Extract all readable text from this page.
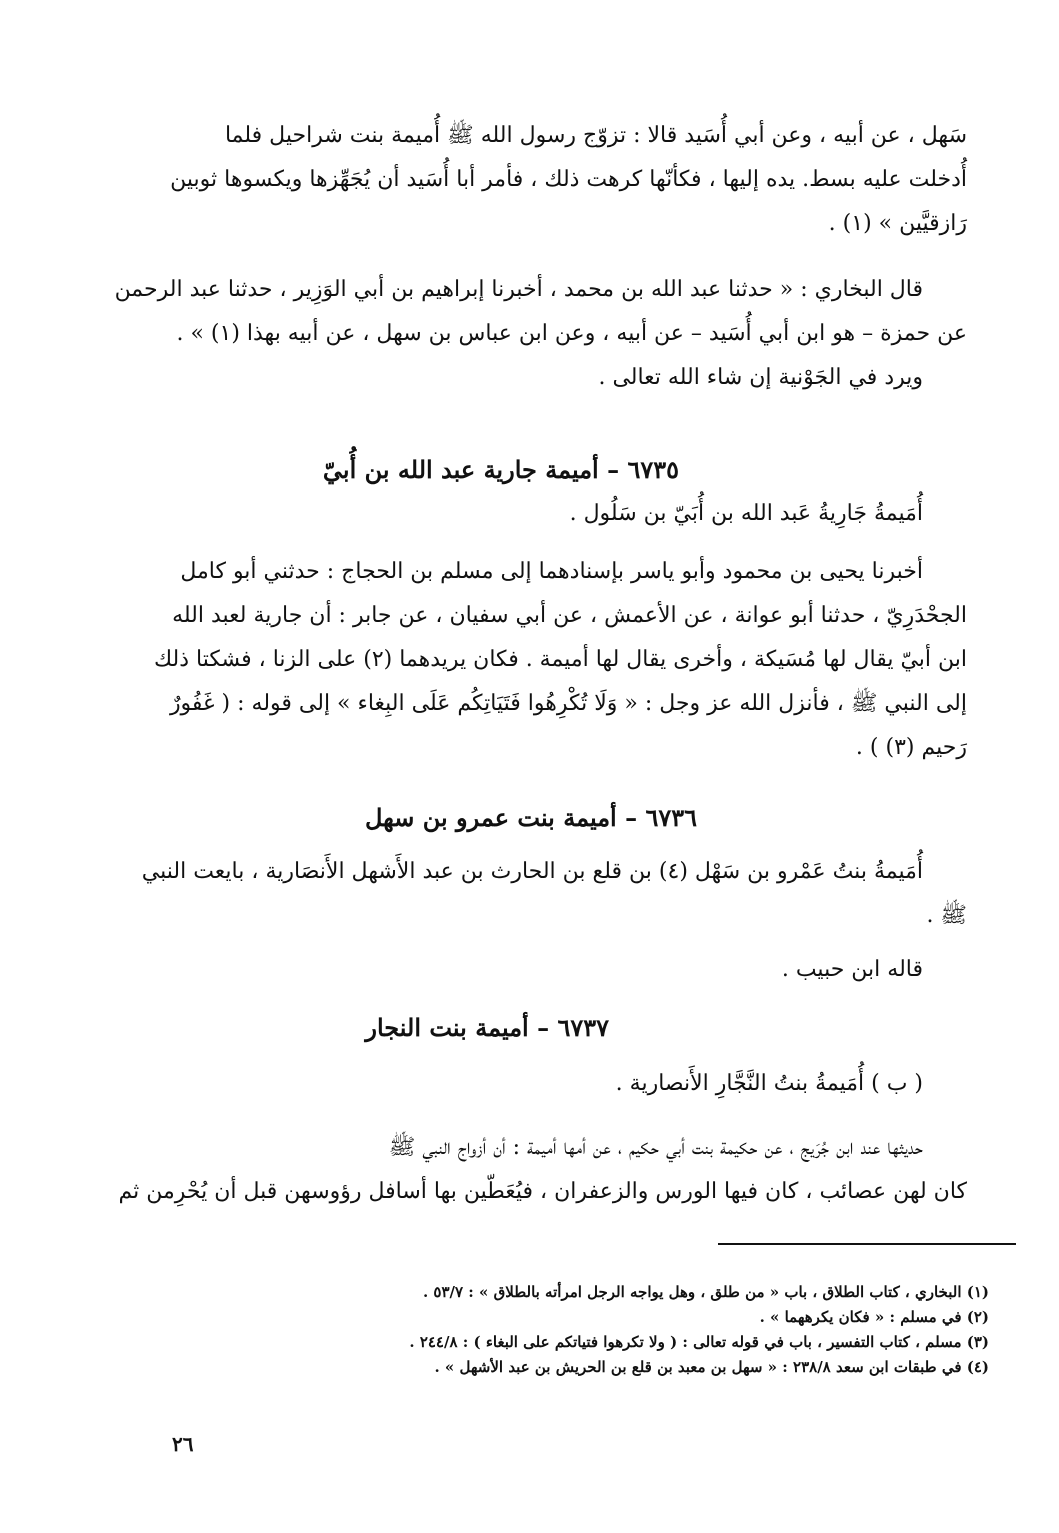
سَهل ، عن أبيه ، وعن أبي أُسَيد قالا : تزوّج رسول الله ﷺ أُميمة بنت شراحيل فلما
أُدخلت عليه بسط. يده إليها ، فكأنّها كرهت ذلك ، فأمر أبا أُسَيد أن يُجَهِّزها ويكسوها ثوبين
رَازقيَّين » (١) .
قال البخاري : « حدثنا عبد الله بن محمد ، أخبرنا إبراهيم بن أبي الوَزِير ، حدثنا عبد الرحمن
عن حمزة – هو ابن أبي أُسَيد – عن أبيه ، وعن ابن عباس بن سهل ، عن أبيه بهذا (١) » .
ويرد في الجَوْنية إن شاء الله تعالى .
٦٧٣٥ – أميمة جارية عبد الله بن أُبيّ
أُمَيمةُ جَارِيةُ عَبد الله بن أُبَيّ بن سَلُول .
أخبرنا يحيى بن محمود وأبو ياسر بإسنادهما إلى مسلم بن الحجاج : حدثني أبو كامل
الجحْدَرِيّ ، حدثنا أبو عوانة ، عن الأعمش ، عن أبي سفيان ، عن جابر : أن جارية لعبد الله
ابن أبيّ يقال لها مُسَيكة ، وأخرى يقال لها أميمة . فكان يريدهما (٢) على الزنا ، فشكتا ذلك
إلى النبي ﷺ ، فأنزل الله عز وجل : « وَلَا تُكْرِهُوا فَتَيَاتِكُم عَلَى البِغاء » إلى قوله : ( غَفُورٌ
رَحيم (٣) ) .
٦٧٣٦ – أميمة بنت عمرو بن سهل
أُمَيمةُ بنتُ عَمْرو بن سَهْل (٤) بن قلع بن الحارث بن عبد الأَشهل الأَنصَارية ، بايعت النبي
ﷺ .
قاله ابن حبيب .
٦٧٣٧ – أميمة بنت النجار
( ب ) أُمَيمةُ بنتُ النَّجَّارِ الأَنصارية .
حديثها عند ابن جُرَيج ، عن حكيمة بنت أبي حكيم ، عن أمها أميمة : أن أزواج النبي ﷺ
كان لهن عصائب ، كان فيها الورس والزعفران ، فيُعَطّين بها أسافل رؤوسهن قبل أن يُحْرِمن ثم
(١) البخاري ، كتاب الطلاق ، باب « من طلق ، وهل يواجه الرجل امرأته بالطلاق » : ٥٣/٧ .
(٢) في مسلم : « فكان يكرههما » .
(٣) مسلم ، كتاب التفسير ، باب في قوله تعالى : ( ولا تكرهوا فتياتكم على البغاء ) : ٢٤٤/٨ .
(٤) في طبقات ابن سعد ٢٣٨/٨ : « سهل بن معبد بن قلع بن الحريش بن عبد الأشهل » .
٢٦
